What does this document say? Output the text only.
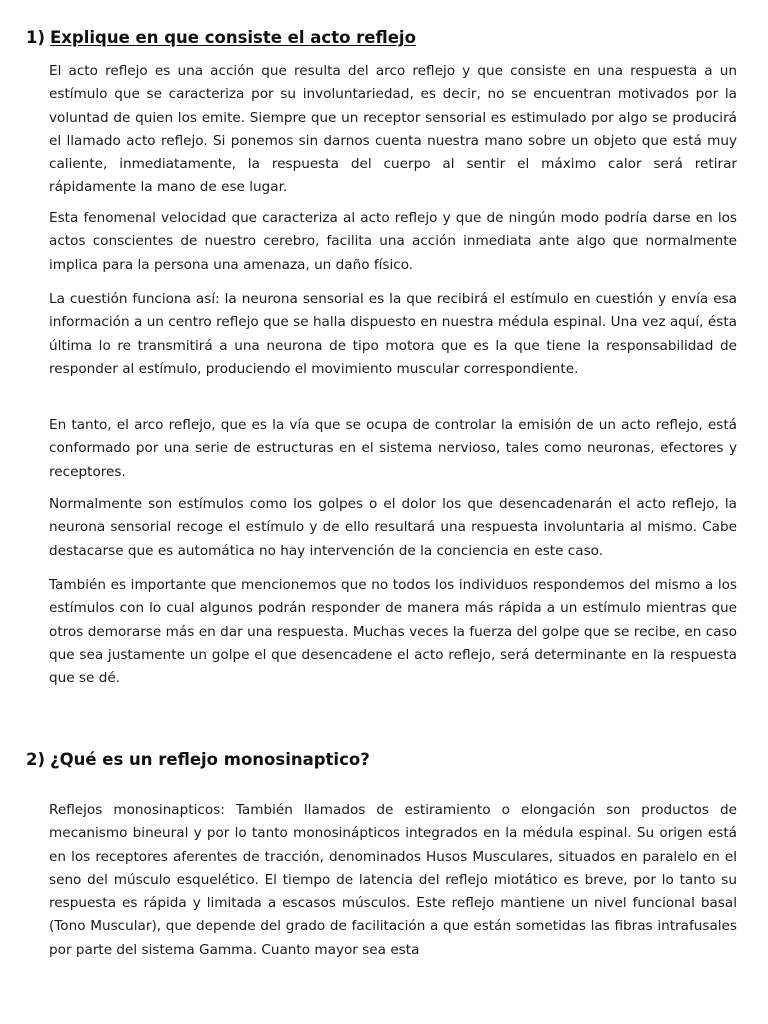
1) Explique en que consiste el acto reflejo

El acto reflejo es una acción que resulta del arco reflejo y que consiste en una respuesta a un estímulo que se caracteriza por su involuntariedad, es decir, no se encuentran motivados por la voluntad de quien los emite. Siempre que un receptor sensorial es estimulado por algo se producirá el llamado acto reflejo. Si ponemos sin darnos cuenta nuestra mano sobre un objeto que está muy caliente, inmediatamente, la respuesta del cuerpo al sentir el máximo calor será retirar rápidamente la mano de ese lugar.

Esta fenomenal velocidad que caracteriza al acto reflejo y que de ningún modo podría darse en los actos conscientes de nuestro cerebro, facilita una acción inmediata ante algo que normalmente implica para la persona una amenaza, un daño físico.

La cuestión funciona así: la neurona sensorial es la que recibirá el estímulo en cuestión y envía esa información a un centro reflejo que se halla dispuesto en nuestra médula espinal. Una vez aquí, ésta última lo re transmitirá a una neurona de tipo motora que es la que tiene la responsabilidad de responder al estímulo, produciendo el movimiento muscular correspondiente.

En tanto, el arco reflejo, que es la vía que se ocupa de controlar la emisión de un acto reflejo, está conformado por una serie de estructuras en el sistema nervioso, tales como neuronas, efectores y receptores.

Normalmente son estímulos como los golpes o el dolor los que desencadenarán el acto reflejo, la neurona sensorial recoge el estímulo y de ello resultará una respuesta involuntaria al mismo. Cabe destacarse que es automática no hay intervención de la conciencia en este caso.

También es importante que mencionemos que no todos los individuos respondemos del mismo a los estímulos con lo cual algunos podrán responder de manera más rápida a un estímulo mientras que otros demorarse más en dar una respuesta. Muchas veces la fuerza del golpe que se recibe, en caso que sea justamente un golpe el que desencadene el acto reflejo, será determinante en la respuesta que se dé.

2) ¿Qué es un reflejo monosinaptico?

Reflejos monosinapticos: También llamados de estiramiento o elongación son productos de mecanismo bineural y por lo tanto monosinápticos integrados en la médula espinal. Su origen está en los receptores aferentes de tracción, denominados Husos Musculares, situados en paralelo en el seno del músculo esquelético. El tiempo de latencia del reflejo miotático es breve, por lo tanto su respuesta es rápida y limitada a escasos músculos. Este reflejo mantiene un nivel funcional basal (Tono Muscular), que depende del grado de facilitación a que están sometidas las fibras intrafusales por parte del sistema Gamma. Cuanto mayor sea esta
